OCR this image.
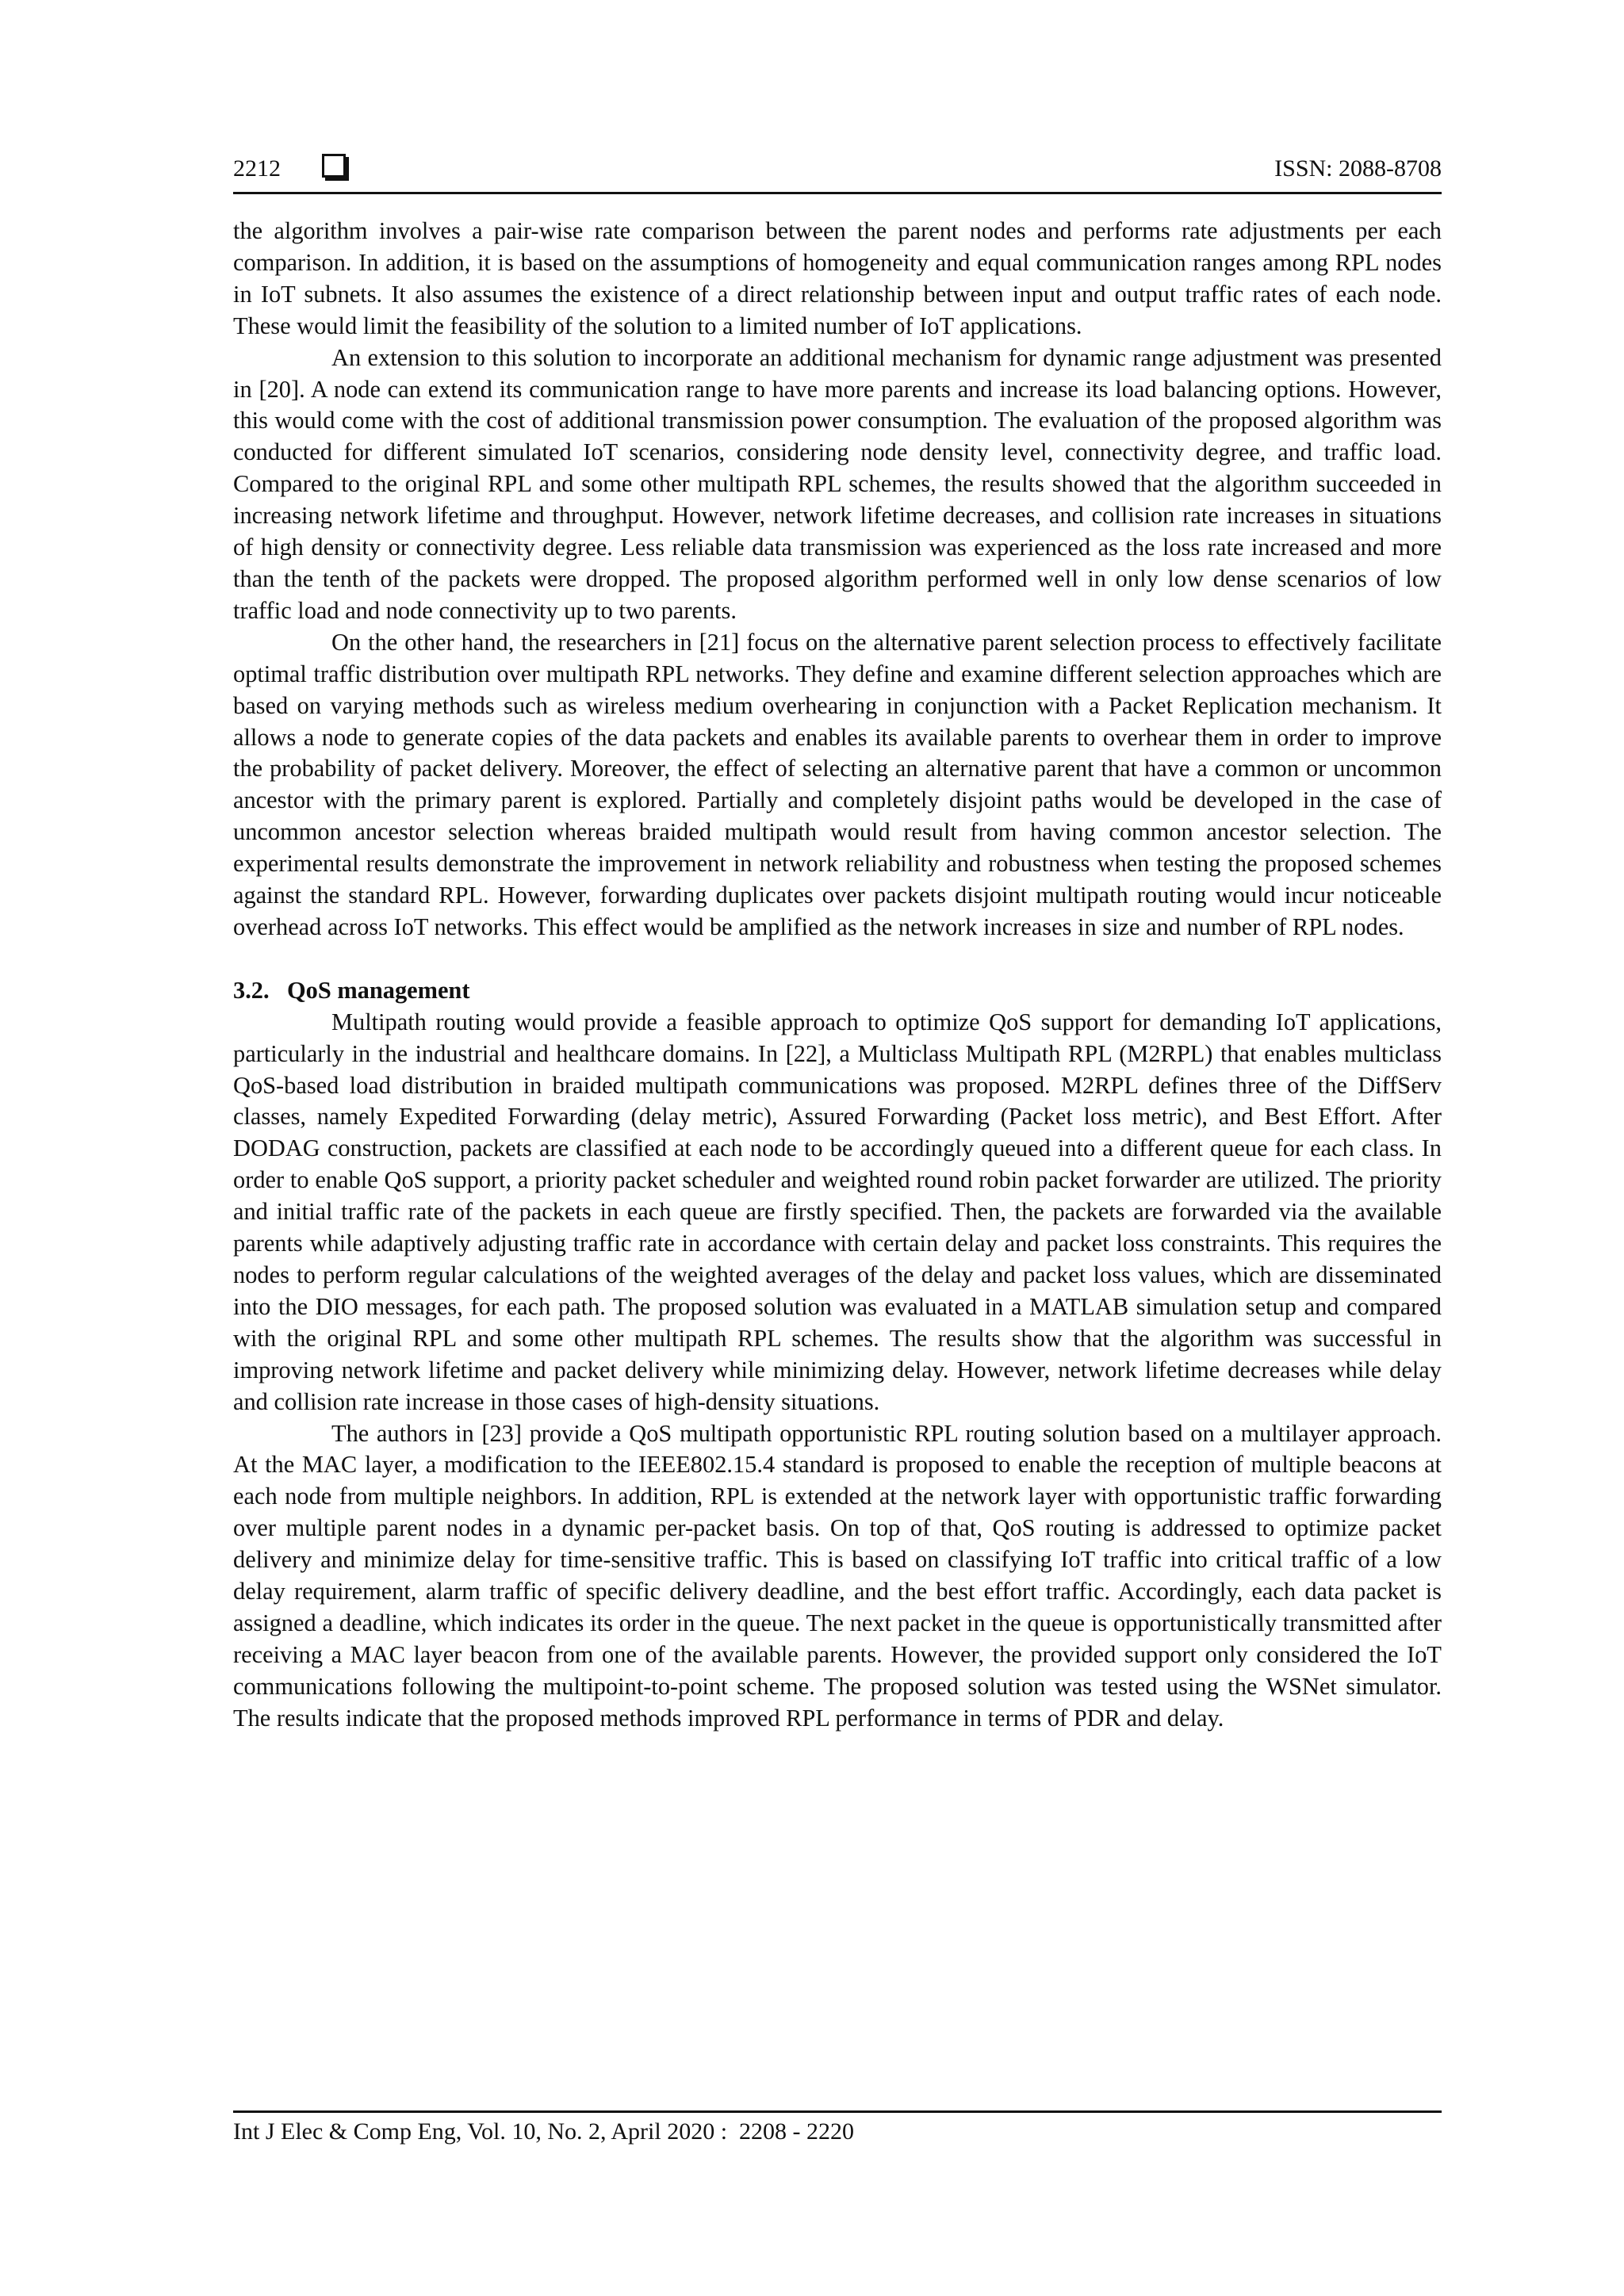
2212	ISSN: 2088-8708

the algorithm involves a pair-wise rate comparison between the parent nodes and performs rate adjustments per each comparison. In addition, it is based on the assumptions of homogeneity and equal communication ranges among RPL nodes in IoT subnets. It also assumes the existence of a direct relationship between input and output traffic rates of each node. These would limit the feasibility of the solution to a limited number of IoT applications.

An extension to this solution to incorporate an additional mechanism for dynamic range adjustment was presented in [20]. A node can extend its communication range to have more parents and increase its load balancing options. However, this would come with the cost of additional transmission power consumption. The evaluation of the proposed algorithm was conducted for different simulated IoT scenarios, considering node density level, connectivity degree, and traffic load. Compared to the original RPL and some other multipath RPL schemes, the results showed that the algorithm succeeded in increasing network lifetime and throughput. However, network lifetime decreases, and collision rate increases in situations of high density or connectivity degree. Less reliable data transmission was experienced as the loss rate increased and more than the tenth of the packets were dropped. The proposed algorithm performed well in only low dense scenarios of low traffic load and node connectivity up to two parents.

On the other hand, the researchers in [21] focus on the alternative parent selection process to effectively facilitate optimal traffic distribution over multipath RPL networks. They define and examine different selection approaches which are based on varying methods such as wireless medium overhearing in conjunction with a Packet Replication mechanism. It allows a node to generate copies of the data packets and enables its available parents to overhear them in order to improve the probability of packet delivery. Moreover, the effect of selecting an alternative parent that have a common or uncommon ancestor with the primary parent is explored. Partially and completely disjoint paths would be developed in the case of uncommon ancestor selection whereas braided multipath would result from having common ancestor selection. The experimental results demonstrate the improvement in network reliability and robustness when testing the proposed schemes against the standard RPL. However, forwarding duplicates over packets disjoint multipath routing would incur noticeable overhead across IoT networks. This effect would be amplified as the network increases in size and number of RPL nodes.

3.2. QoS management

Multipath routing would provide a feasible approach to optimize QoS support for demanding IoT applications, particularly in the industrial and healthcare domains. In [22], a Multiclass Multipath RPL (M2RPL) that enables multiclass QoS-based load distribution in braided multipath communications was proposed. M2RPL defines three of the DiffServ classes, namely Expedited Forwarding (delay metric), Assured Forwarding (Packet loss metric), and Best Effort. After DODAG construction, packets are classified at each node to be accordingly queued into a different queue for each class. In order to enable QoS support, a priority packet scheduler and weighted round robin packet forwarder are utilized. The priority and initial traffic rate of the packets in each queue are firstly specified. Then, the packets are forwarded via the available parents while adaptively adjusting traffic rate in accordance with certain delay and packet loss constraints. This requires the nodes to perform regular calculations of the weighted averages of the delay and packet loss values, which are disseminated into the DIO messages, for each path. The proposed solution was evaluated in a MATLAB simulation setup and compared with the original RPL and some other multipath RPL schemes. The results show that the algorithm was successful in improving network lifetime and packet delivery while minimizing delay. However, network lifetime decreases while delay and collision rate increase in those cases of high-density situations.

The authors in [23] provide a QoS multipath opportunistic RPL routing solution based on a multilayer approach. At the MAC layer, a modification to the IEEE802.15.4 standard is proposed to enable the reception of multiple beacons at each node from multiple neighbors. In addition, RPL is extended at the network layer with opportunistic traffic forwarding over multiple parent nodes in a dynamic per-packet basis. On top of that, QoS routing is addressed to optimize packet delivery and minimize delay for time-sensitive traffic. This is based on classifying IoT traffic into critical traffic of a low delay requirement, alarm traffic of specific delivery deadline, and the best effort traffic. Accordingly, each data packet is assigned a deadline, which indicates its order in the queue. The next packet in the queue is opportunistically transmitted after receiving a MAC layer beacon from one of the available parents. However, the provided support only considered the IoT communications following the multipoint-to-point scheme. The proposed solution was tested using the WSNet simulator. The results indicate that the proposed methods improved RPL performance in terms of PDR and delay.

Int J Elec & Comp Eng, Vol. 10, No. 2, April 2020 :  2208 - 2220
